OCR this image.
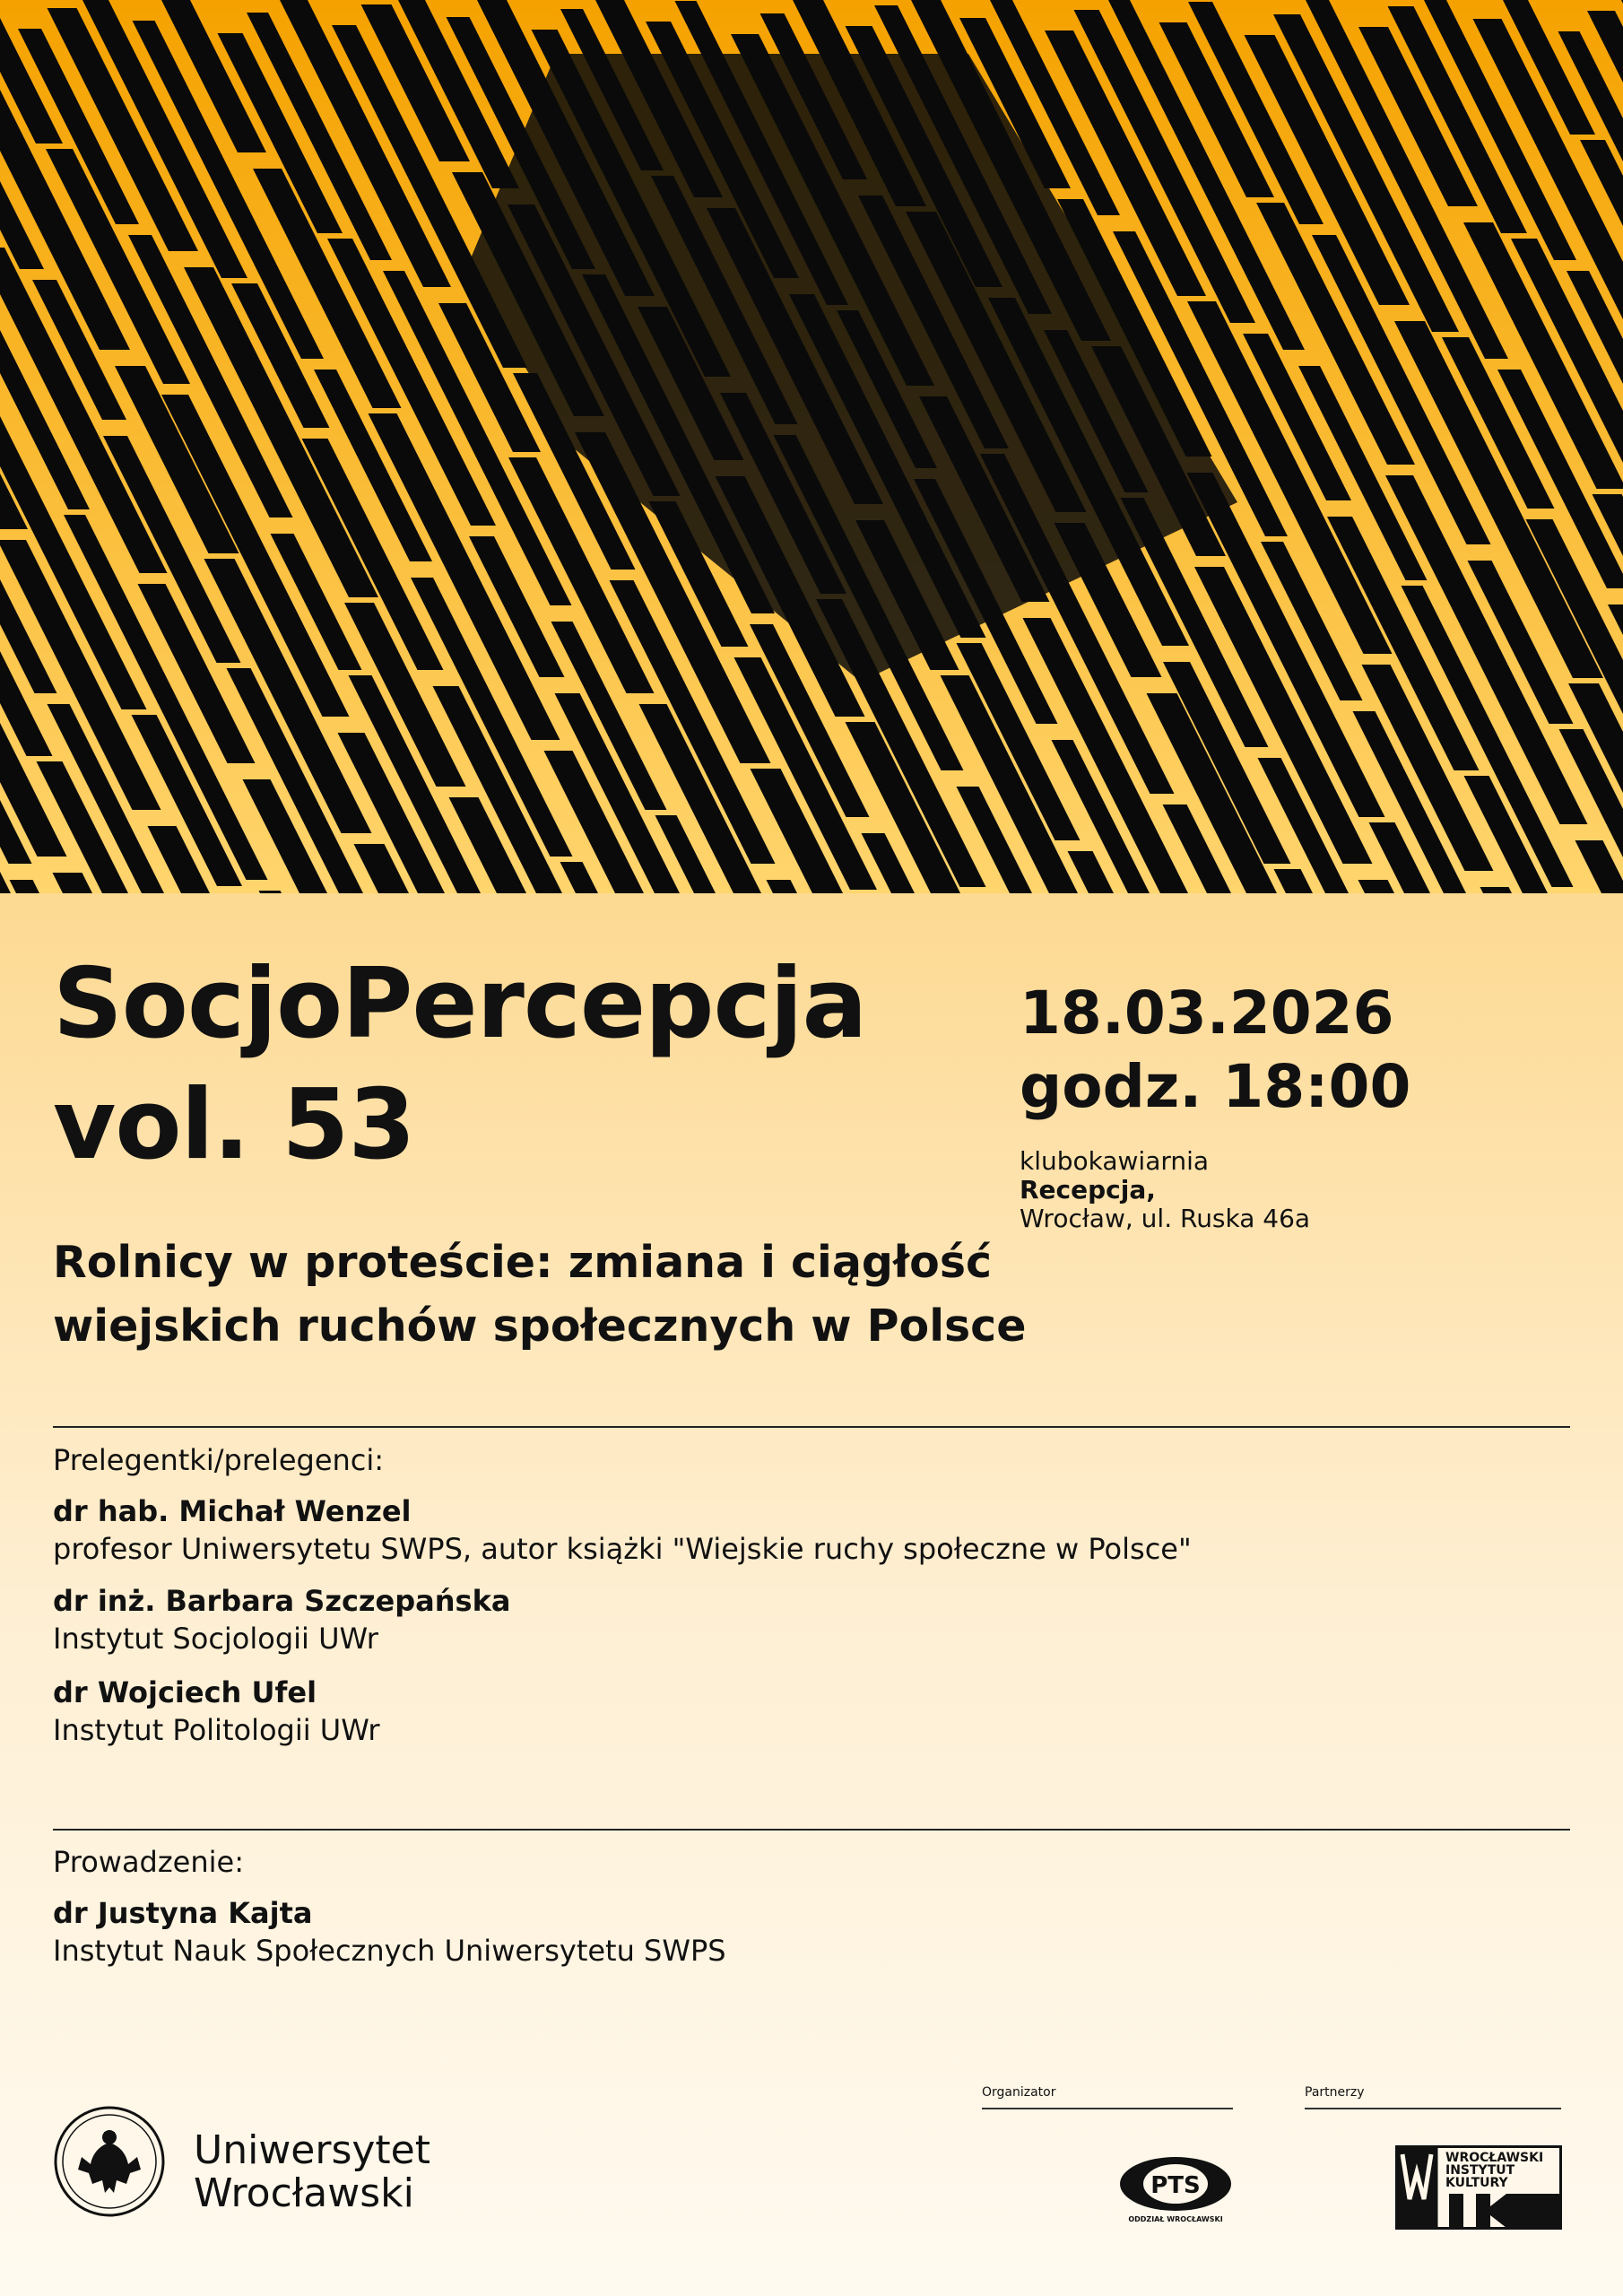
SocjoPercepcja
vol. 53
18.03.2026
godz. 18:00
klubokawiarnia
Recepcja,
Wrocław, ul. Ruska 46a
Rolnicy w proteście: zmiana i ciągłość
wiejskich ruchów społecznych w Polsce
Prelegentki/prelegenci:
dr hab. Michał Wenzel
profesor Uniwersytetu SWPS, autor książki "Wiejskie ruchy społeczne w Polsce"
dr inż. Barbara Szczepańska
Instytut Socjologii UWr
dr Wojciech Ufel
Instytut Politologii UWr
Prowadzenie:
dr Justyna Kajta
Instytut Nauk Społecznych Uniwersytetu SWPS
Uniwersytet
Wrocławski
Organizator	Partnerzy
PTS
ODDZIAŁ WROCŁAWSKI
WROCŁAWSKI
INSTYTUT
KULTURY
